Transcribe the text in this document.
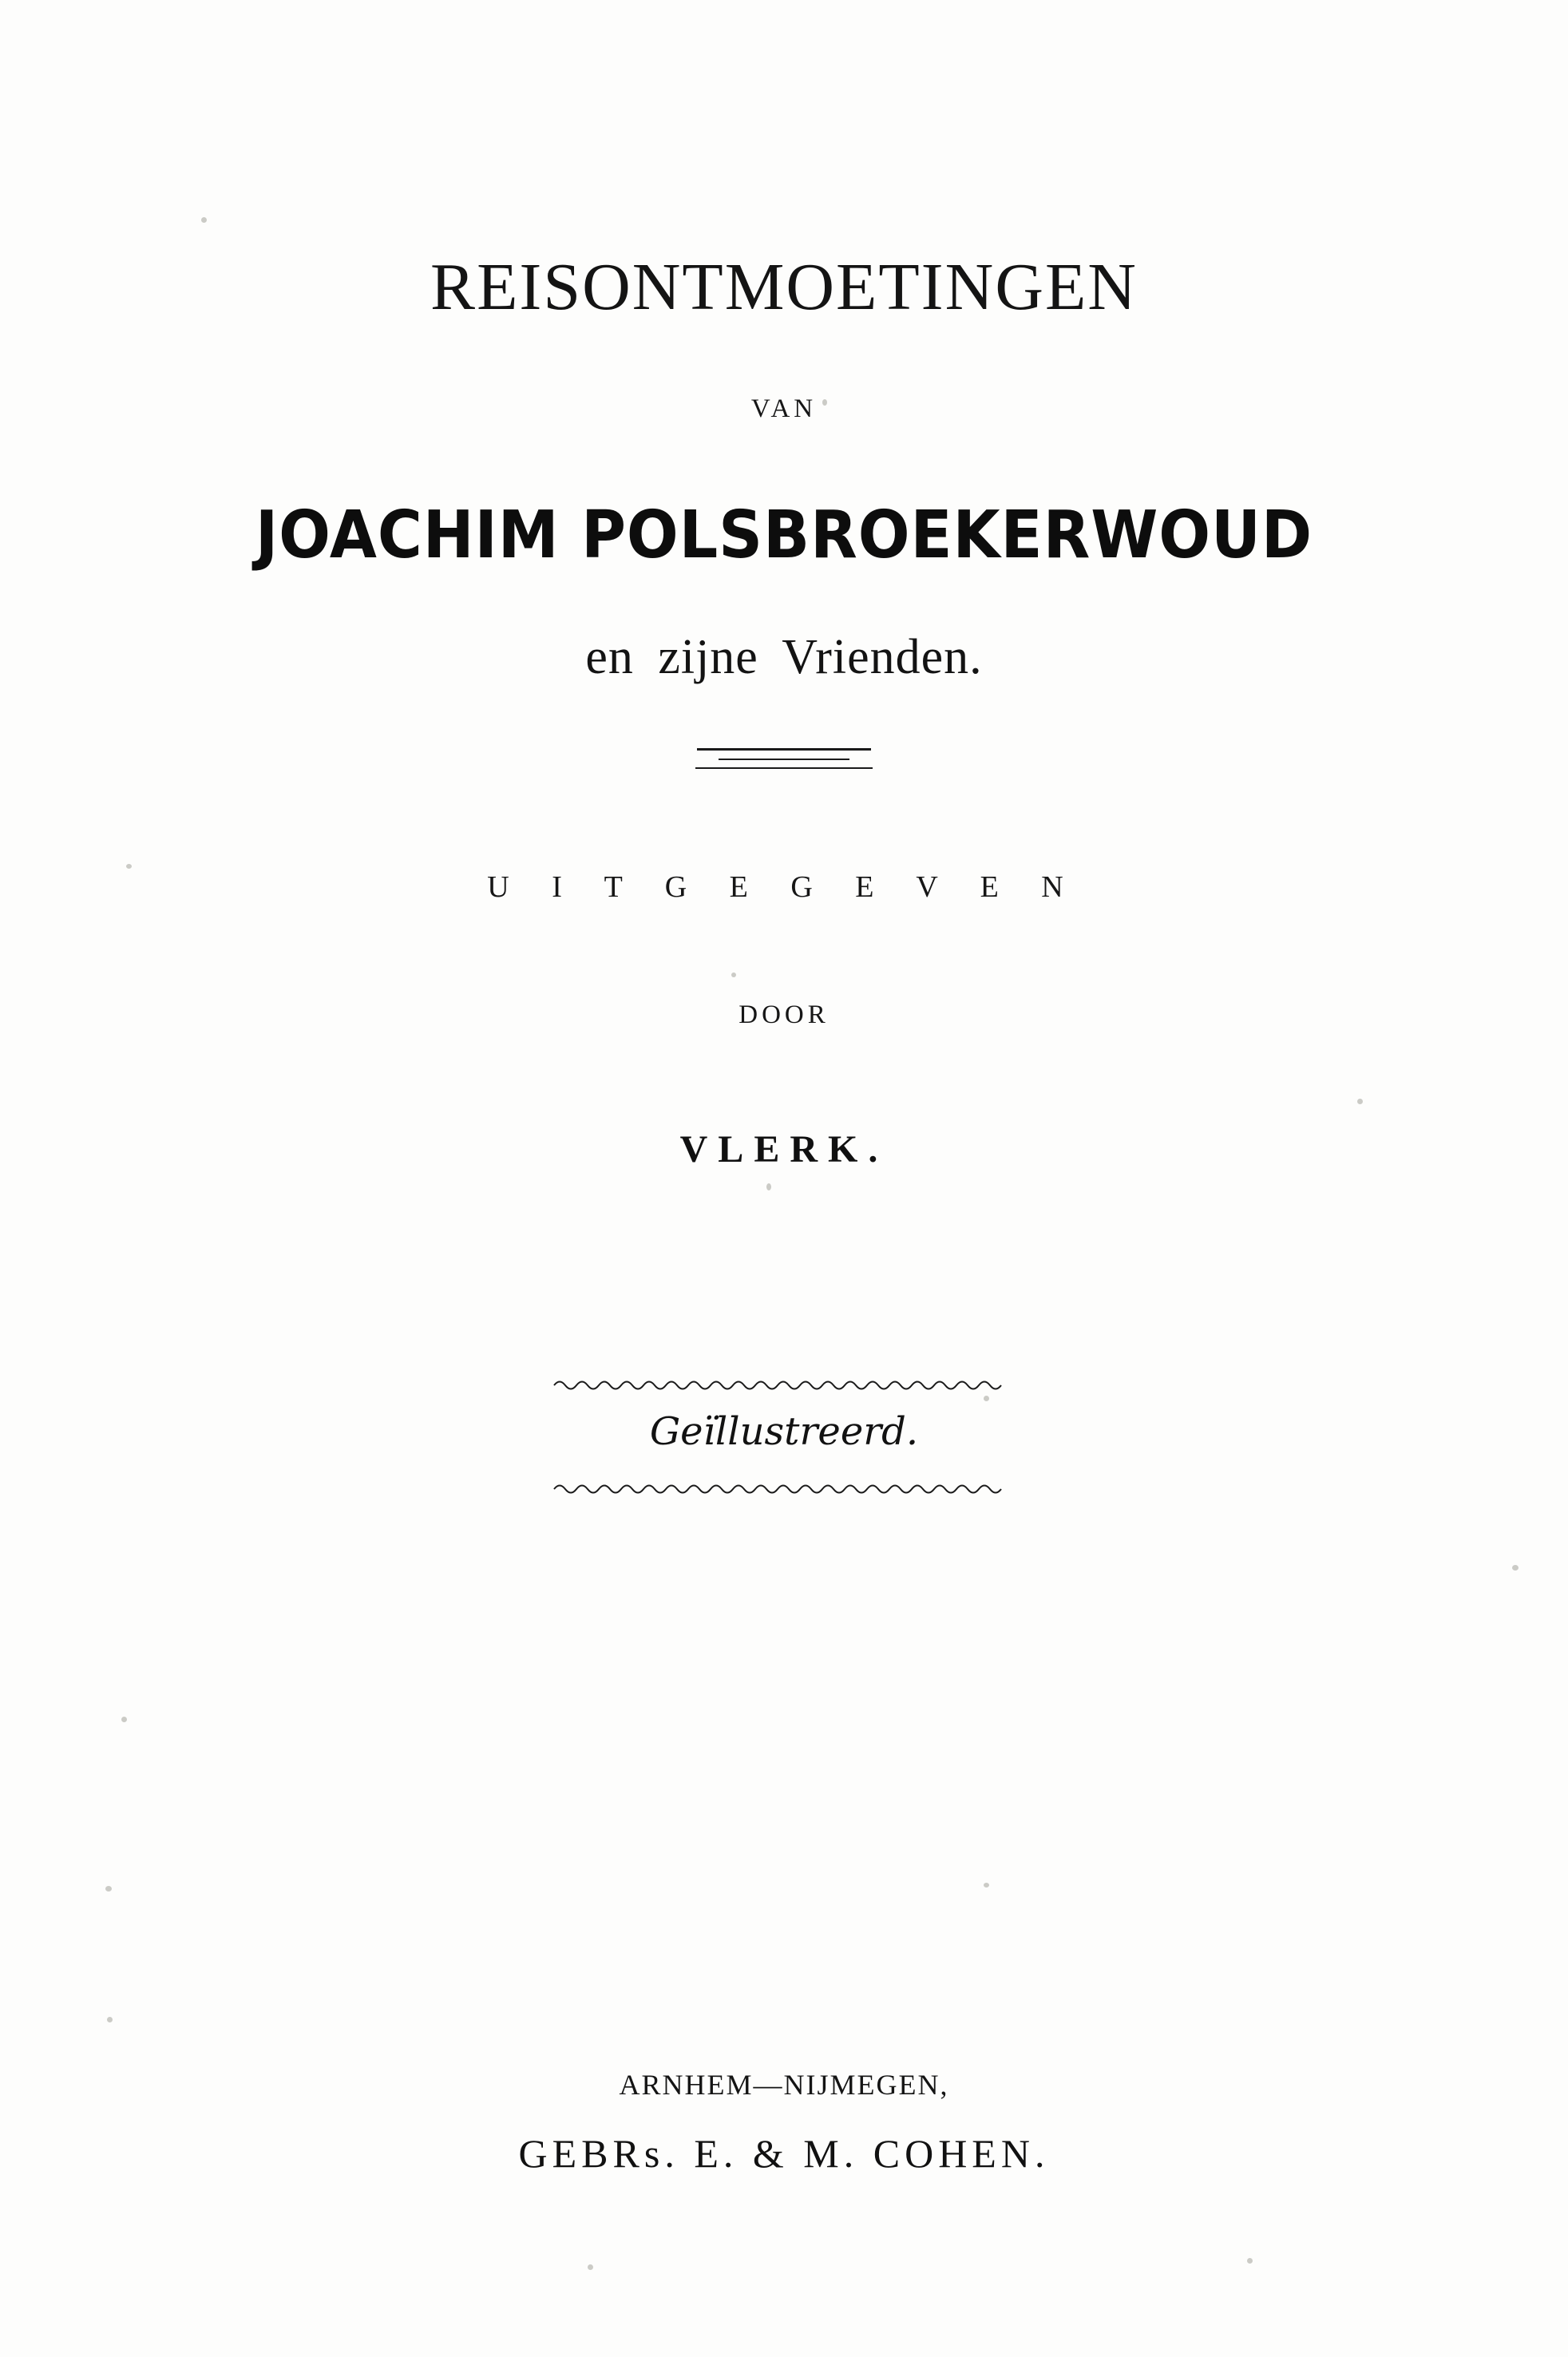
REISONTMOETINGEN
VAN
JOACHIM POLSBROEKERWOUD
en zijne Vrienden.
U I T G E G E V E N
DOOR
VLERK.
Geïllustreerd.
ARNHEM—NIJMEGEN,
GEBRs. E. & M. COHEN.
